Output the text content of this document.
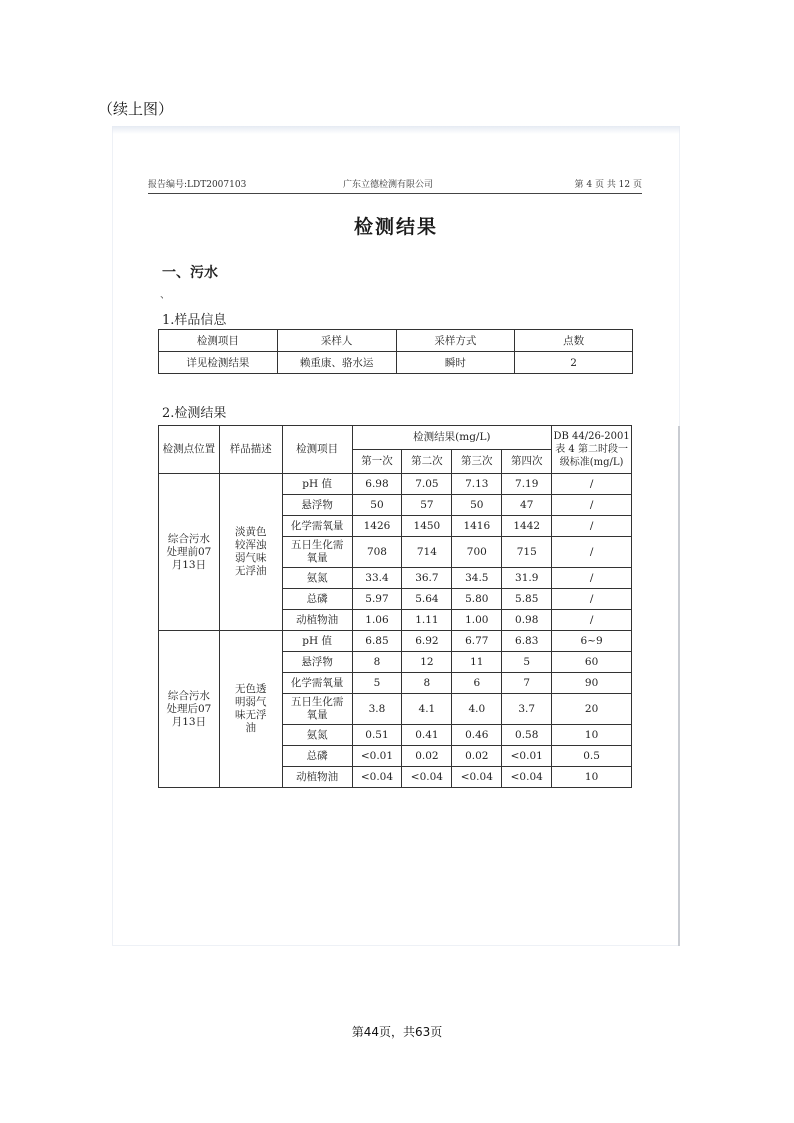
（续上图）
报告编号:LDT2007103	广东立德检测有限公司	第 4 页 共 12 页
检测结果
一、污水
、
1.样品信息
检测项目	采样人	采样方式	点数
详见检测结果	赖重康、骆水运	瞬时	2
2.检测结果
检测点位置	样品描述	检测项目	检测结果(mg/L)				DB 44/26-2001表 4 第二时段一级标准(mg/L)
			第一次	第二次	第三次	第四次	
综合污水处理前07月13日	淡黄色较浑浊弱气味无浮油	pH 值	6.98	7.05	7.13	7.19	/
		悬浮物	50	57	50	47	/
		化学需氧量	1426	1450	1416	1442	/
		五日生化需氧量	708	714	700	715	/
		氨氮	33.4	36.7	34.5	31.9	/
		总磷	5.97	5.64	5.80	5.85	/
		动植物油	1.06	1.11	1.00	0.98	/
综合污水处理后07月13日	无色透明弱气味无浮油	pH 值	6.85	6.92	6.77	6.83	6~9
		悬浮物	8	12	11	5	60
		化学需氧量	5	8	6	7	90
		五日生化需氧量	3.8	4.1	4.0	3.7	20
		氨氮	0.51	0.41	0.46	0.58	10
		总磷	<0.01	0.02	0.02	<0.01	0.5
		动植物油	<0.04	<0.04	<0.04	<0.04	10
第44页，共63页
